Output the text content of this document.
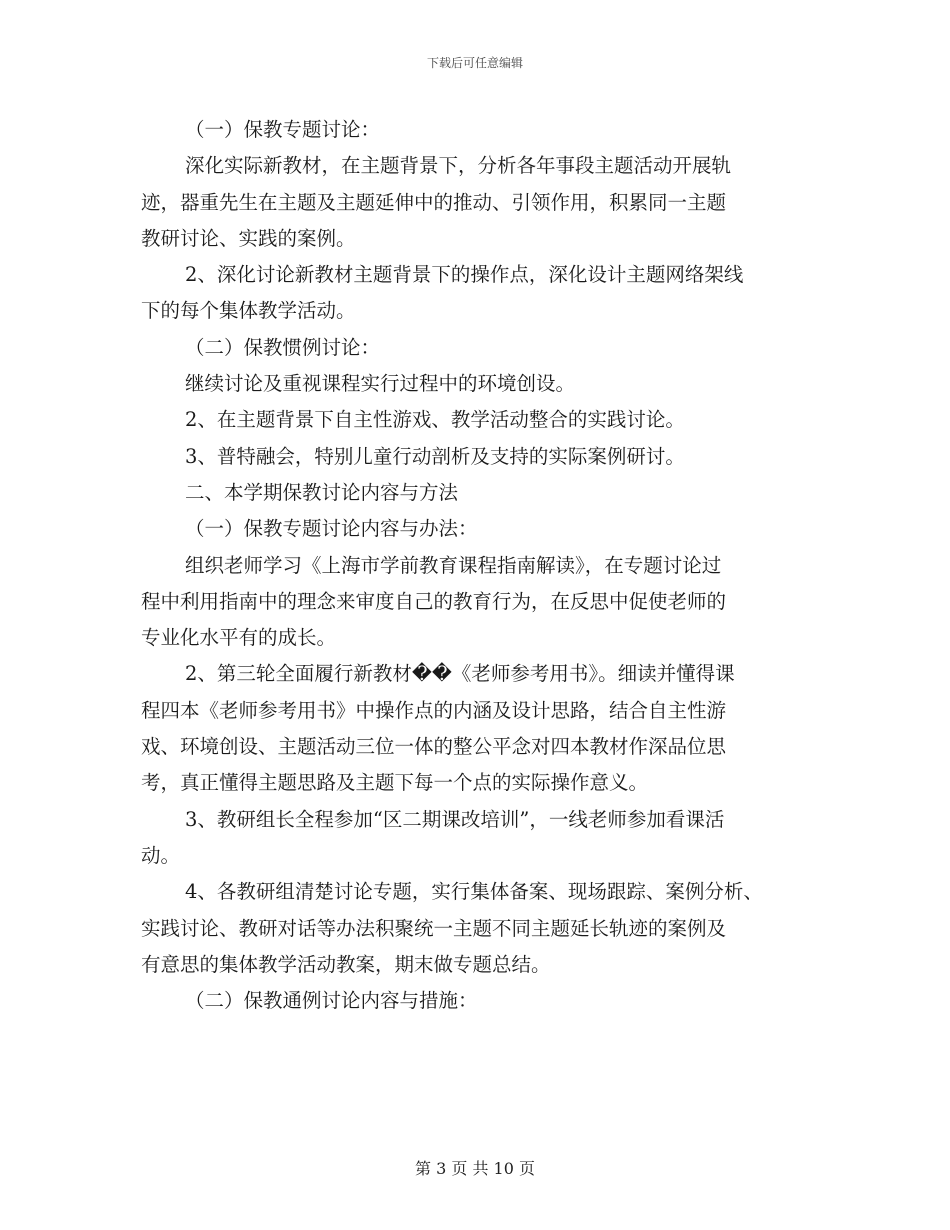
下载后可任意编辑
（一）保教专题讨论：
深化实际新教材，在主题背景下，分析各年事段主题活动开展轨
迹，器重先生在主题及主题延伸中的推动、引领作用，积累同一主题
教研讨论、实践的案例。
2、深化讨论新教材主题背景下的操作点，深化设计主题网络架线
下的每个集体教学活动。
（二）保教惯例讨论：
继续讨论及重视课程实行过程中的环境创设。
2、在主题背景下自主性游戏、教学活动整合的实践讨论。
3、普特融会，特别儿童行动剖析及支持的实际案例研讨。
二、本学期保教讨论内容与方法
（一）保教专题讨论内容与办法：
组织老师学习《上海市学前教育课程指南解读》，在专题讨论过
程中利用指南中的理念来审度自己的教育行为，在反思中促使老师的
专业化水平有的成长。
2、第三轮全面履行新教材��《老师参考用书》。细读并懂得课
程四本《老师参考用书》中操作点的内涵及设计思路，结合自主性游
戏、环境创设、主题活动三位一体的整公平念对四本教材作深品位思
考，真正懂得主题思路及主题下每一个点的实际操作意义。
3、教研组长全程参加“区二期课改培训”，一线老师参加看课活
动。
4、各教研组清楚讨论专题，实行集体备案、现场跟踪、案例分析、
实践讨论、教研对话等办法积聚统一主题不同主题延长轨迹的案例及
有意思的集体教学活动教案，期末做专题总结。
（二）保教通例讨论内容与措施：
第 3 页 共 10 页
